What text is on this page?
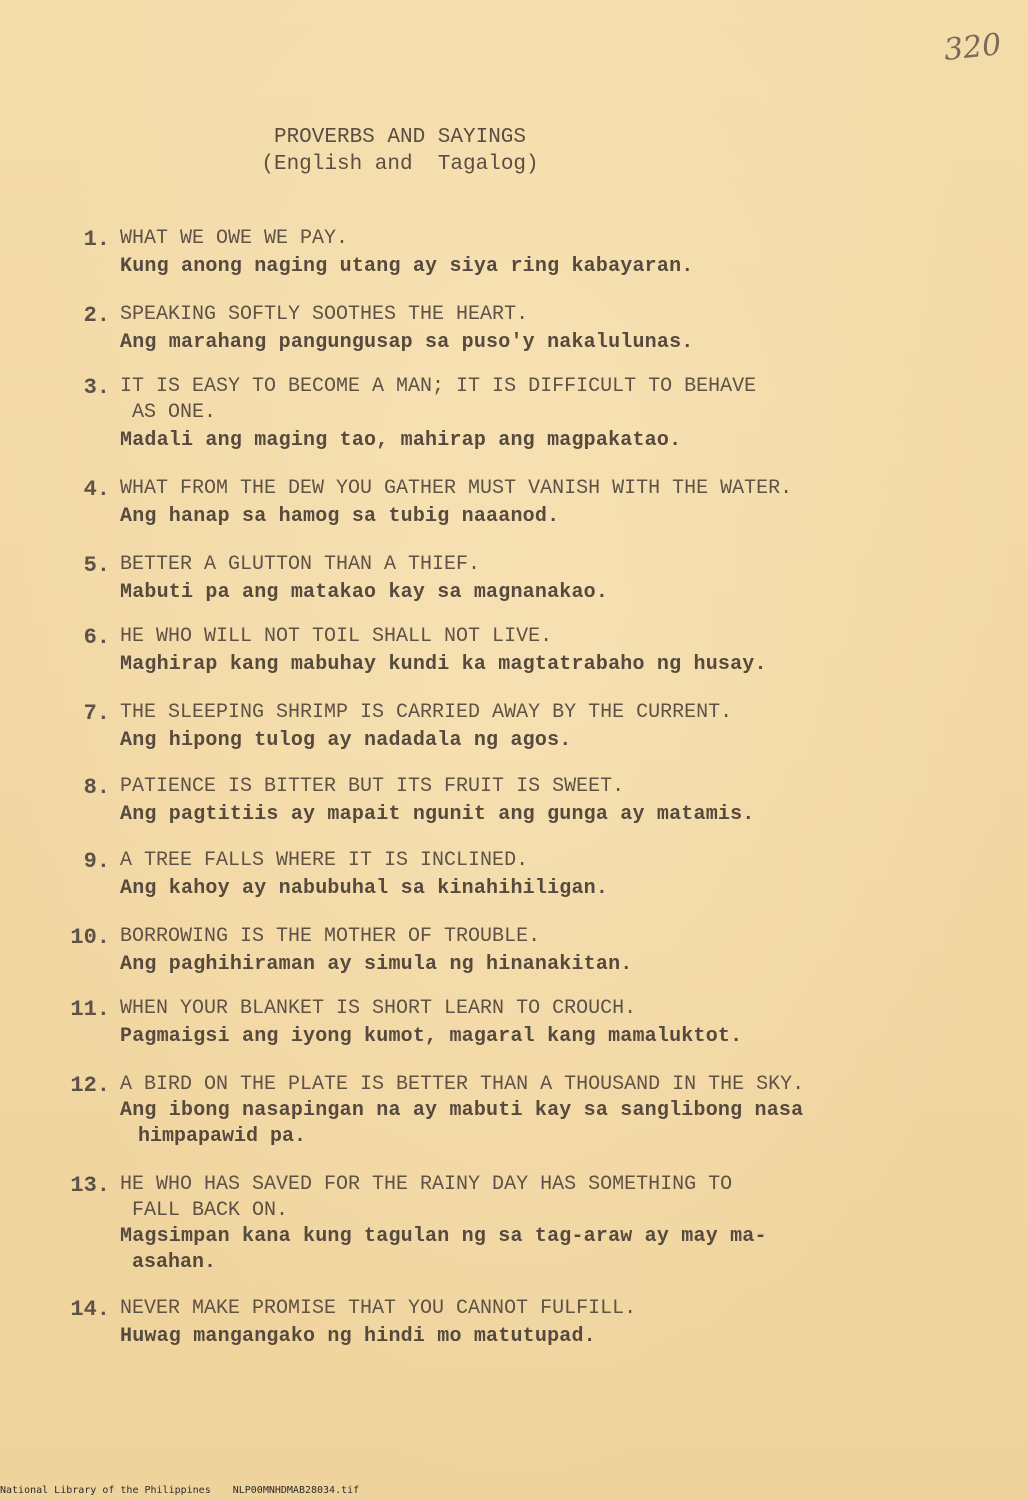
320
PROVERBS AND SAYINGS
(English and  Tagalog)
1. WHAT WE OWE WE PAY.
Kung anong naging utang ay siya ring kabayaran.
2. SPEAKING SOFTLY SOOTHES THE HEART.
Ang marahang pangungusap sa puso'y nakalulunas.
3. IT IS EASY TO BECOME A MAN; IT IS DIFFICULT TO BEHAVE
AS ONE.
Madali ang maging tao, mahirap ang magpakatao.
4. WHAT FROM THE DEW YOU GATHER MUST VANISH WITH THE WATER.
Ang hanap sa hamog sa tubig naaanod.
5. BETTER A GLUTTON THAN A THIEF.
Mabuti pa ang matakao kay sa magnanakao.
6. HE WHO WILL NOT TOIL SHALL NOT LIVE.
Maghirap kang mabuhay kundi ka magtatrabaho ng husay.
7. THE SLEEPING SHRIMP IS CARRIED AWAY BY THE CURRENT.
Ang hipong tulog ay nadadala ng agos.
8. PATIENCE IS BITTER BUT ITS FRUIT IS SWEET.
Ang pagtitiis ay mapait ngunit ang gunga ay matamis.
9. A TREE FALLS WHERE IT IS INCLINED.
Ang kahoy ay nabubuhal sa kinahihiligan.
10. BORROWING IS THE MOTHER OF TROUBLE.
Ang paghihiraman ay simula ng hinanakitan.
11. WHEN YOUR BLANKET IS SHORT LEARN TO CROUCH.
Pagmaigsi ang iyong kumot, magaral kang mamaluktot.
12. A BIRD ON THE PLATE IS BETTER THAN A THOUSAND IN THE SKY.
Ang ibong nasapingan na ay mabuti kay sa sanglibong nasa
himpapawid pa.
13. HE WHO HAS SAVED FOR THE RAINY DAY HAS SOMETHING TO
FALL BACK ON.
Magsimpan kana kung tagulan ng sa tag-araw ay may ma-
asahan.
14. NEVER MAKE PROMISE THAT YOU CANNOT FULFILL.
Huwag mangangako ng hindi mo matutupad.
National Library of the Philippines NLP00MNHDMAB28034.tif
